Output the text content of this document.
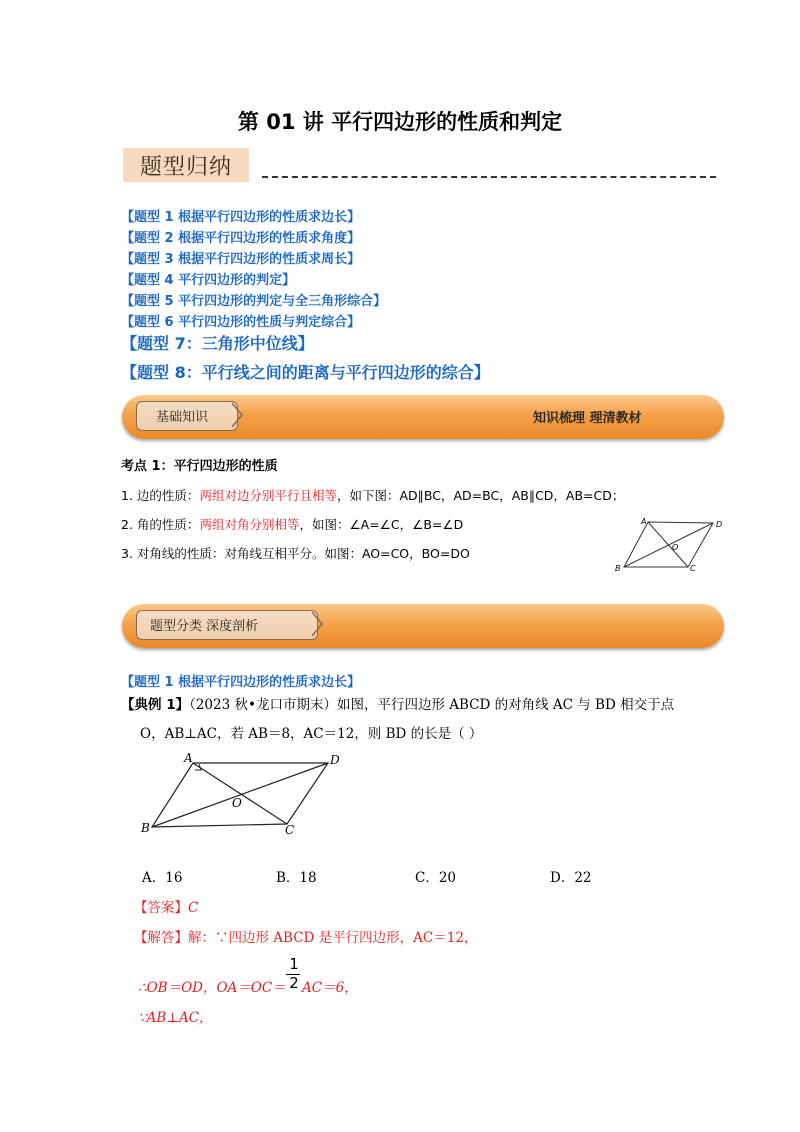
第 01 讲 平行四边形的性质和判定
题型归纳
【题型 1 根据平行四边形的性质求边长】
【题型 2 根据平行四边形的性质求角度】
【题型 3 根据平行四边形的性质求周长】
【题型 4 平行四边形的判定】
【题型 5 平行四边形的判定与全三角形综合】
【题型 6 平行四边形的性质与判定综合】
【题型 7：三角形中位线】
【题型 8：平行线之间的距离与平行四边形的综合】
基础知识	知识梳理 理清教材
考点 1：平行四边形的性质
1. 边的性质：两组对边分别平行且相等，如下图：AD∥BC，AD=BC，AB∥CD，AB=CD；
2. 角的性质：两组对角分别相等，如图：∠A=∠C，∠B=∠D
3. 对角线的性质：对角线互相平分。如图：AO=CO，BO=DO
A	D
B	C
O
题型分类 深度剖析
【题型 1 根据平行四边形的性质求边长】
【典例 1】（2023 秋•龙口市期末）如图，平行四边形 ABCD 的对角线 AC 与 BD 相交于点
O，AB⊥AC，若 AB＝8，AC＝12，则 BD 的长是（ ）
A	D
B	C
O
A．16	B．18	C．20	D．22
【答案】C
【解答】解：∵四边形 ABCD 是平行四边形，AC＝12，
∴OB＝OD，OA＝OC＝
1
2 AC＝6，
∵AB⊥AC，
